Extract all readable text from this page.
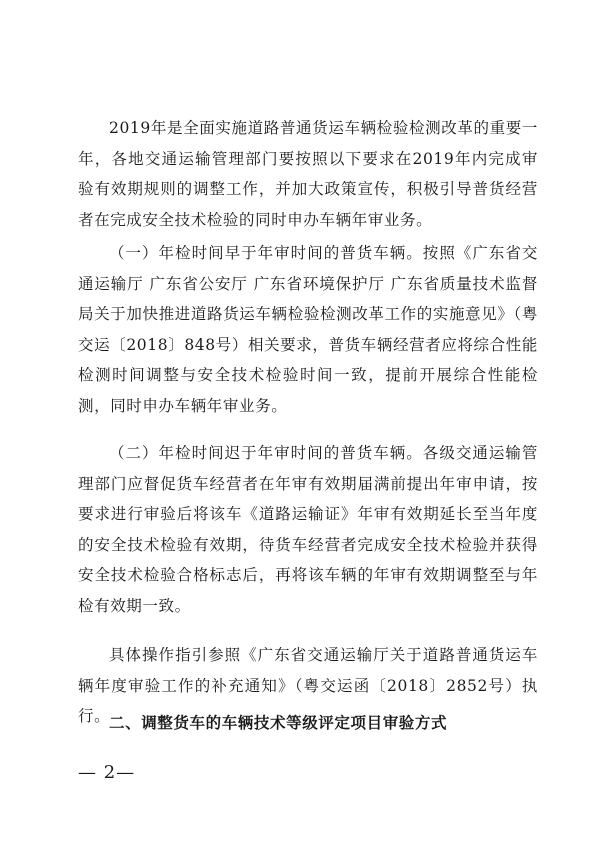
2019年是全面实施道路普通货运车辆检验检测改革的重要一年，各地交通运输管理部门要按照以下要求在2019年内完成审验有效期规则的调整工作，并加大政策宣传，积极引导普货经营者在完成安全技术检验的同时申办车辆年审业务。

（一）年检时间早于年审时间的普货车辆。按照《广东省交通运输厅 广东省公安厅 广东省环境保护厅 广东省质量技术监督局关于加快推进道路货运车辆检验检测改革工作的实施意见》（粤交运〔2018〕848号）相关要求，普货车辆经营者应将综合性能检测时间调整与安全技术检验时间一致，提前开展综合性能检测，同时申办车辆年审业务。

（二）年检时间迟于年审时间的普货车辆。各级交通运输管理部门应督促货车经营者在年审有效期届满前提出年审申请，按要求进行审验后将该车《道路运输证》年审有效期延长至当年度的安全技术检验有效期，待货车经营者完成安全技术检验并获得安全技术检验合格标志后，再将该车辆的年审有效期调整至与年检有效期一致。

具体操作指引参照《广东省交通运输厅关于道路普通货运车辆年度审验工作的补充通知》（粤交运函〔2018〕2852号）执行。

二、调整货车的车辆技术等级评定项目审验方式
— 2—
